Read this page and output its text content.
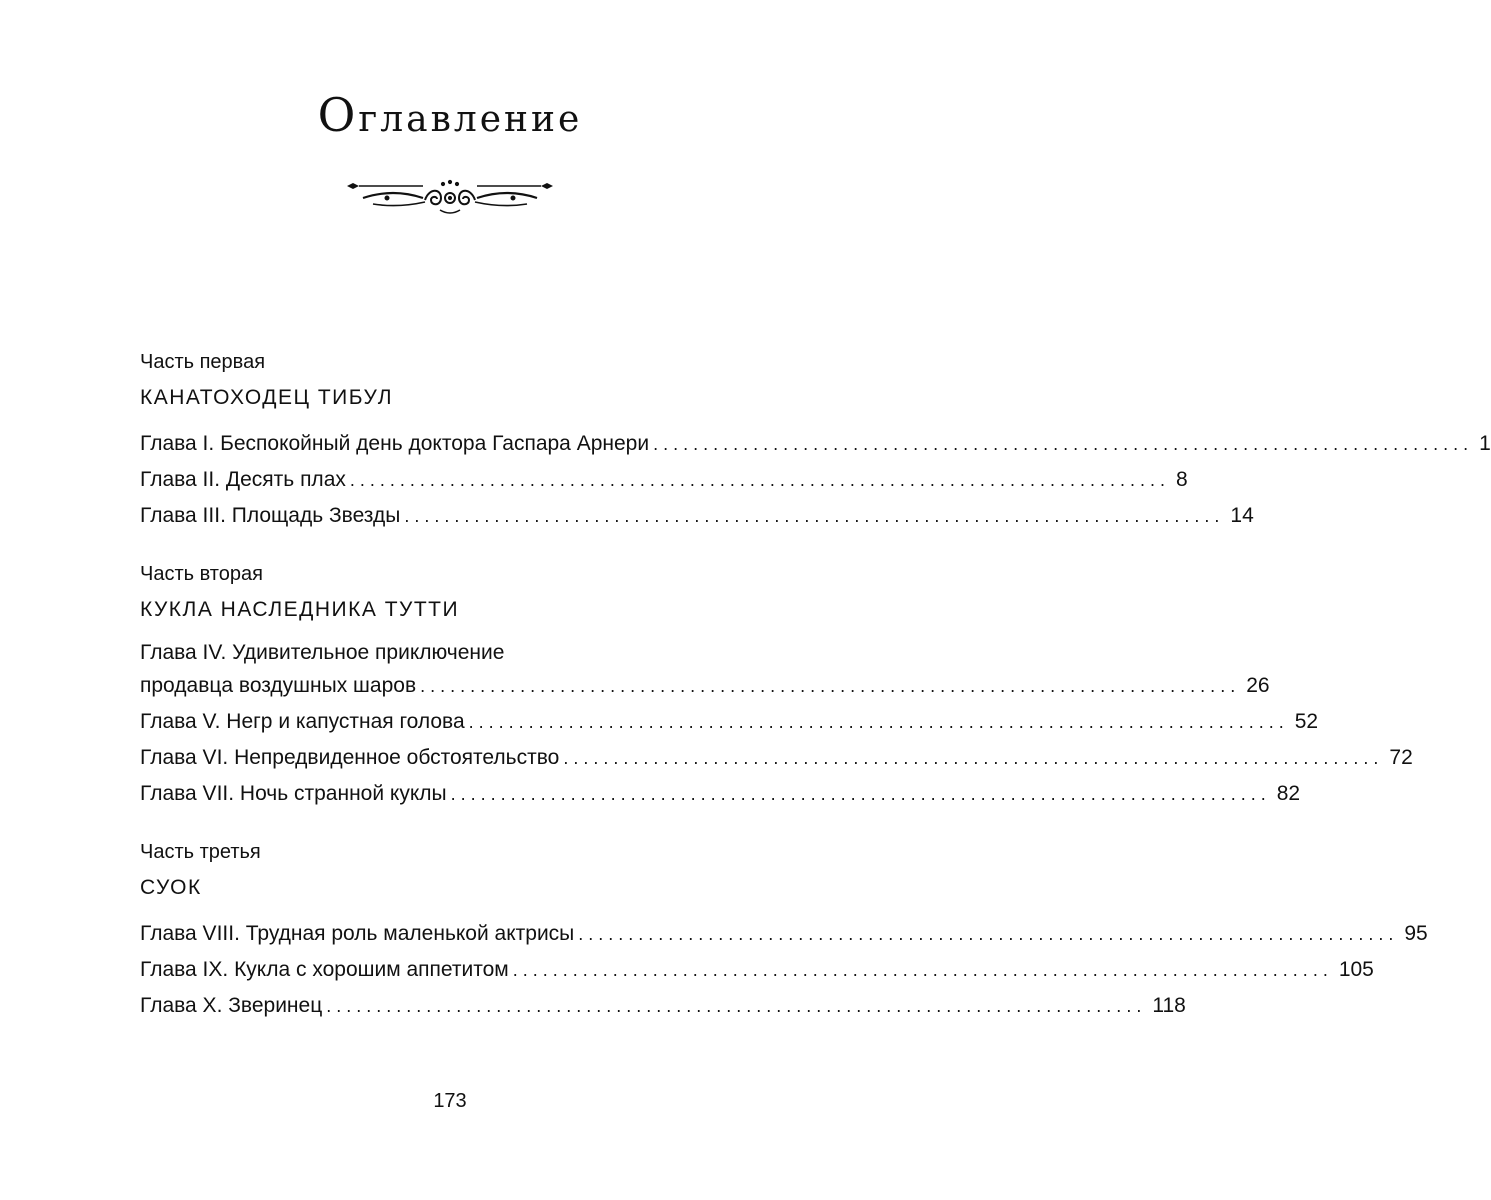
Оглавление
Часть первая
КАНАТОХОДЕЦ ТИБУЛ
Глава I. Беспокойный день доктора Гаспара Арнери .................................................................................. 1
Глава II. Десять плах .................................................................................. 8
Глава III. Площадь Звезды .................................................................................. 14
Часть вторая
КУКЛА НАСЛЕДНИКА ТУТТИ
Глава IV. Удивительное приключение
продавца воздушных шаров .................................................................................. 26
Глава V. Негр и капустная голова .................................................................................. 52
Глава VI. Непредвиденное обстоятельство .................................................................................. 72
Глава VII. Ночь странной куклы .................................................................................. 82
Часть третья
СУОК
Глава VIII. Трудная роль маленькой актрисы .................................................................................. 95
Глава IX. Кукла с хорошим аппетитом .................................................................................. 105
Глава X. Зверинец .................................................................................. 118
173
